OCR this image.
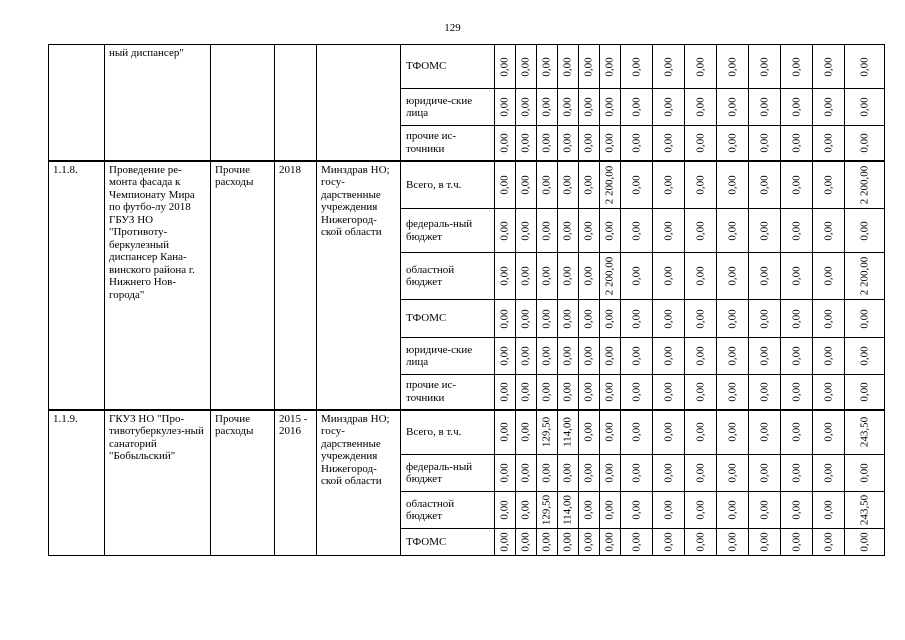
129
	ный диспансер"				ТФОМС	0,00	0,00	0,00	0,00	0,00	0,00	0,00	0,00	0,00	0,00	0,00	0,00	0,00	0,00

					юридиче-ские лица	0,00	0,00	0,00	0,00	0,00	0,00	0,00	0,00	0,00	0,00	0,00	0,00	0,00	0,00

					прочие ис-точники	0,00	0,00	0,00	0,00	0,00	0,00	0,00	0,00	0,00	0,00	0,00	0,00	0,00	0,00

1.1.8.	Проведение ре-монта фасада к Чемпионату Мира по футбо-лу 2018 ГБУЗ НО "Противоту-беркулезный диспансер Кана-винского района г. Нижнего Нов-города"	Прочие расходы	2018	Минздрав НО; госу-дарственные учреждения Нижегород-ской области	Всего, в т.ч.	0,00	0,00	0,00	0,00	0,00	2 200,00	0,00	0,00	0,00	0,00	0,00	0,00	0,00	2 200,00

					федераль-ный бюджет	0,00	0,00	0,00	0,00	0,00	0,00	0,00	0,00	0,00	0,00	0,00	0,00	0,00	0,00

					областной бюджет	0,00	0,00	0,00	0,00	0,00	2 200,00	0,00	0,00	0,00	0,00	0,00	0,00	0,00	2 200,00

					ТФОМС	0,00	0,00	0,00	0,00	0,00	0,00	0,00	0,00	0,00	0,00	0,00	0,00	0,00	0,00

					юридиче-ские лица	0,00	0,00	0,00	0,00	0,00	0,00	0,00	0,00	0,00	0,00	0,00	0,00	0,00	0,00

					прочие ис-точники	0,00	0,00	0,00	0,00	0,00	0,00	0,00	0,00	0,00	0,00	0,00	0,00	0,00	0,00

1.1.9.	ГКУЗ НО "Про-тивотуберкулез-ный санаторий "Бобыльский"	Прочие расходы	2015 - 2016	Минздрав НО; госу-дарственные учреждения Нижегород-ской области	Всего, в т.ч.	0,00	0,00	129,50	114,00	0,00	0,00	0,00	0,00	0,00	0,00	0,00	0,00	0,00	243,50

					федераль-ный бюджет	0,00	0,00	0,00	0,00	0,00	0,00	0,00	0,00	0,00	0,00	0,00	0,00	0,00	0,00

					областной бюджет	0,00	0,00	129,50	114,00	0,00	0,00	0,00	0,00	0,00	0,00	0,00	0,00	0,00	243,50

					ТФОМС	0,00	0,00	0,00	0,00	0,00	0,00	0,00	0,00	0,00	0,00	0,00	0,00	0,00	0,00
